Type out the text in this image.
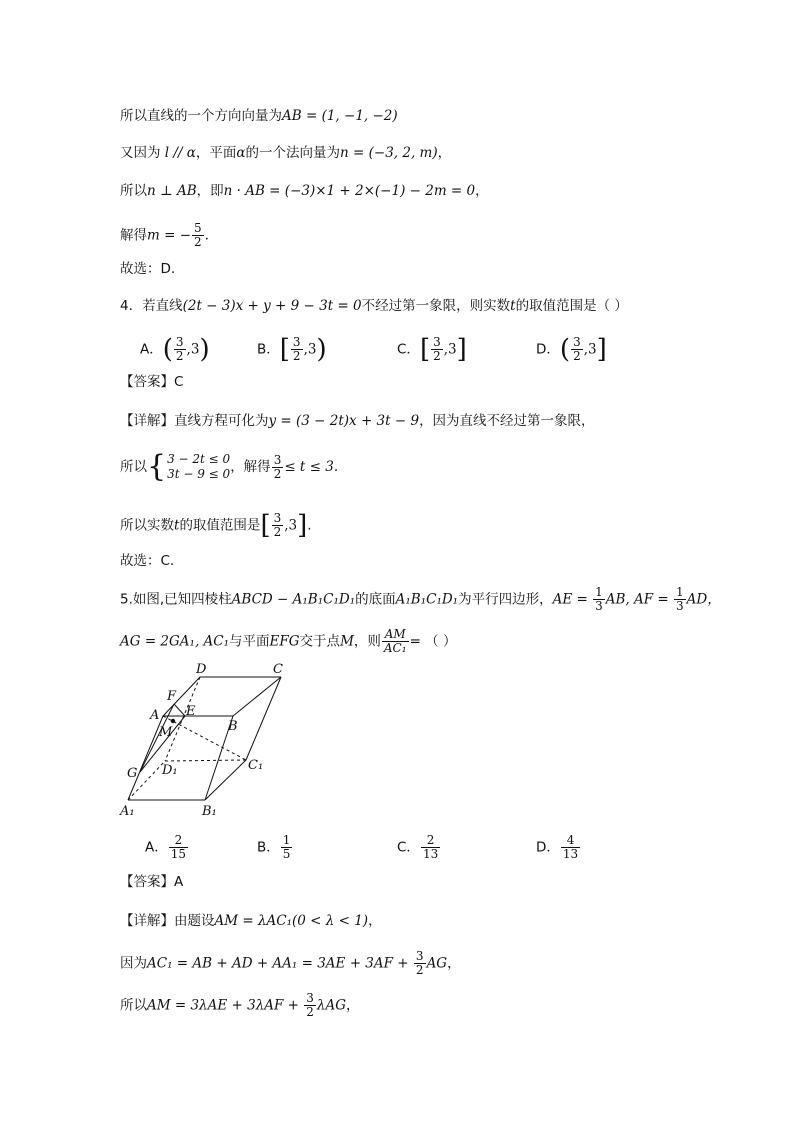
所以直线的一个方向向量为AB = (1, −1, −2)
又因为 l // α，平面α的一个法向量为n = (−3, 2, m)，
所以n ⊥ AB，即n · AB = (−3)×1 + 2×(−1) − 2m = 0，
解得m = − $\frac{5}{2}$ .
故选：D.
4．若直线(2t − 3)x + y + 9 − 3t = 0不经过第一象限，则实数t的取值范围是（ ）
A．( $\frac{3}{2} ,3$)	B．[ $\frac{3}{2} ,3$)	C．[ $\frac{3}{2} ,3$]	D．( $\frac{3}{2} ,3$]
【答案】C
【详解】直线方程可化为y = (3 − 2t)x + 3t − 9，因为直线不经过第一象限，
所以{ 3 − 2t ≤ 0
3t − 9 ≤ 0 ，解得 $\frac{3}{2} \le t \le 3$.
所以实数t的取值范围是[ $\frac{3}{2} ,3$].
故选：C.
5.如图,已知四棱柱ABCD − A₁B₁C₁D₁的底面A₁B₁C₁D₁为平行四边形，AE = $\frac{1}{3}$ AB, AF = $\frac{1}{3}$ AD，
AG = 2GA₁, AC₁与平面EFG交于点M，则 $\frac{AM}{\text{AC₁}}$ = （ ）
D	C
F
A E
B
M
G D₁	C₁
A₁	B₁
A． $\frac{2}{15}$	B． $\frac{1}{5}$	C． $\frac{2}{13}$	D． $\frac{4}{13}$
【答案】A
【详解】由题设AM = λAC₁(0 < λ < 1)，
因为AC₁ = AB + AD + $AA_1 = 3AE + 3AF + \frac{3}{2}$ AG，
所以AM = $3\lambda AE + 3\lambda AF + \frac{3}{2}$ λAG，
